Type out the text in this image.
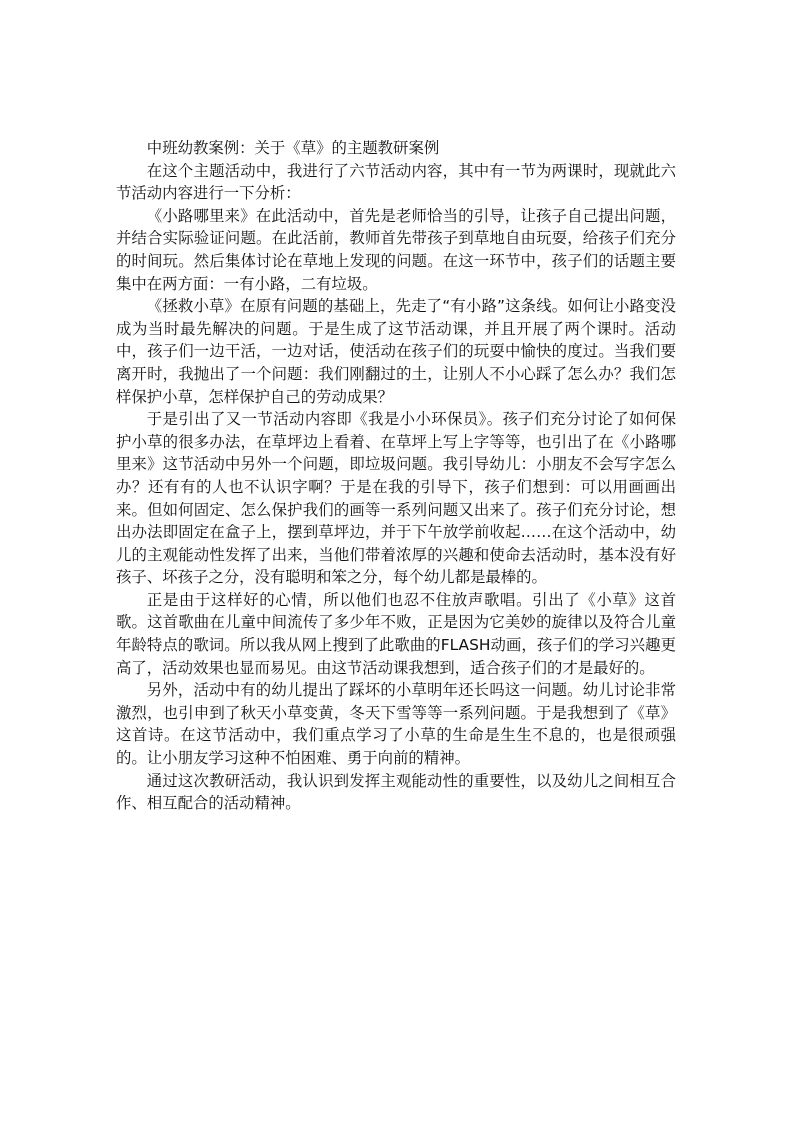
中班幼教案例：关于《草》的主题教研案例

在这个主题活动中，我进行了六节活动内容，其中有一节为两课时，现就此六节活动内容进行一下分析：

《小路哪里来》在此活动中，首先是老师恰当的引导，让孩子自己提出问题，并结合实际验证问题。在此活前，教师首先带孩子到草地自由玩耍，给孩子们充分的时间玩。然后集体讨论在草地上发现的问题。在这一环节中，孩子们的话题主要集中在两方面：一有小路，二有垃圾。

《拯救小草》在原有问题的基础上，先走了“有小路”这条线。如何让小路变没成为当时最先解决的问题。于是生成了这节活动课，并且开展了两个课时。活动中，孩子们一边干活，一边对话，使活动在孩子们的玩耍中愉快的度过。当我们要离开时，我抛出了一个问题：我们刚翻过的土，让别人不小心踩了怎么办？我们怎样保护小草，怎样保护自己的劳动成果？

于是引出了又一节活动内容即《我是小小环保员》。孩子们充分讨论了如何保护小草的很多办法，在草坪边上看着、在草坪上写上字等等，也引出了在《小路哪里来》这节活动中另外一个问题，即垃圾问题。我引导幼儿：小朋友不会写字怎么办？还有有的人也不认识字啊？于是在我的引导下，孩子们想到：可以用画画出来。但如何固定、怎么保护我们的画等一系列问题又出来了。孩子们充分讨论，想出办法即固定在盒子上，摆到草坪边，并于下午放学前收起……在这个活动中，幼儿的主观能动性发挥了出来，当他们带着浓厚的兴趣和使命去活动时，基本没有好孩子、坏孩子之分，没有聪明和笨之分，每个幼儿都是最棒的。

正是由于这样好的心情，所以他们也忍不住放声歌唱。引出了《小草》这首歌。这首歌曲在儿童中间流传了多少年不败，正是因为它美妙的旋律以及符合儿童年龄特点的歌词。所以我从网上搜到了此歌曲的FLASH动画，孩子们的学习兴趣更高了，活动效果也显而易见。由这节活动课我想到，适合孩子们的才是最好的。

另外，活动中有的幼儿提出了踩坏的小草明年还长吗这一问题。幼儿讨论非常激烈，也引申到了秋天小草变黄，冬天下雪等等一系列问题。于是我想到了《草》这首诗。在这节活动中，我们重点学习了小草的生命是生生不息的，也是很顽强的。让小朋友学习这种不怕困难、勇于向前的精神。

通过这次教研活动，我认识到发挥主观能动性的重要性，以及幼儿之间相互合作、相互配合的活动精神。
